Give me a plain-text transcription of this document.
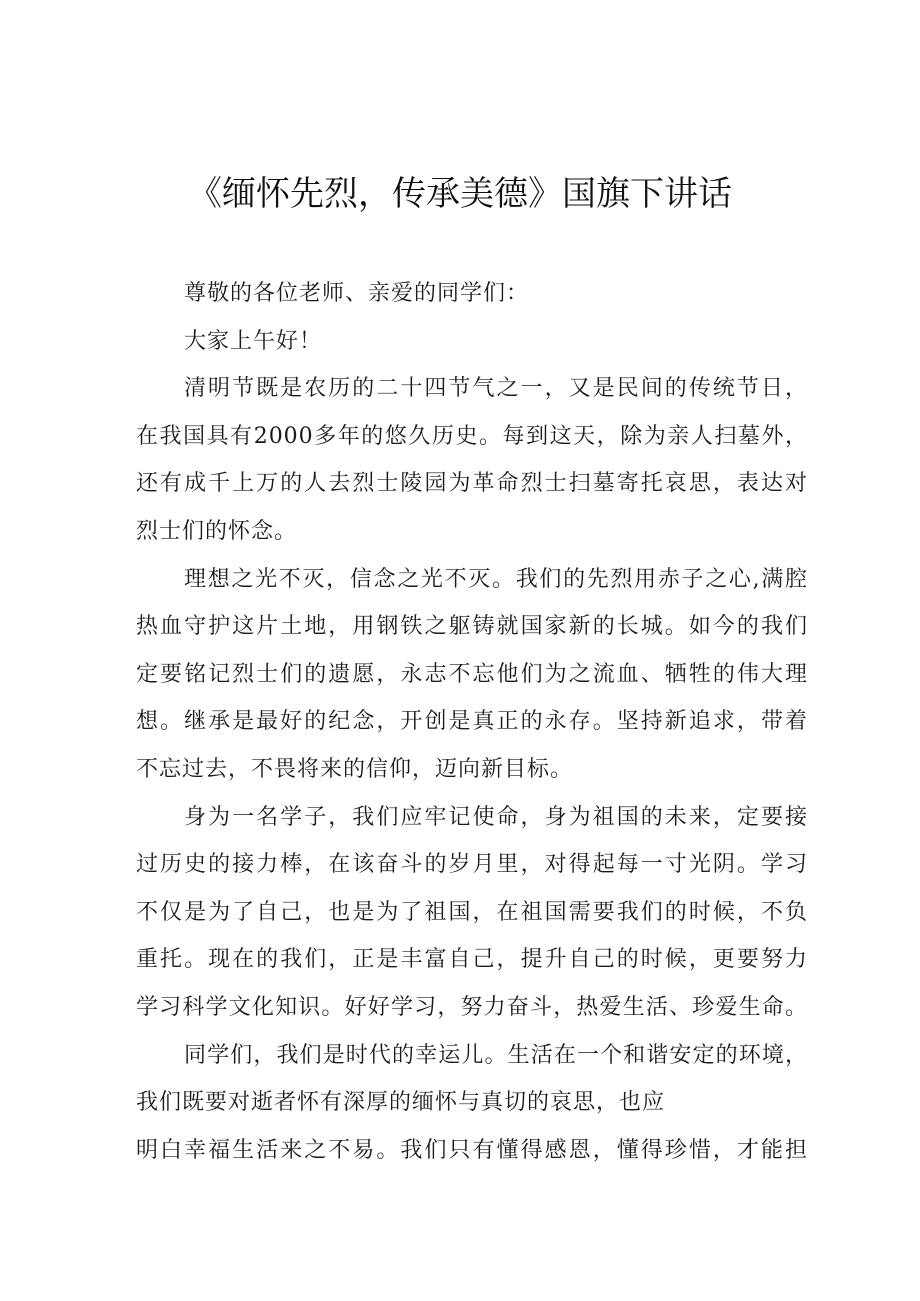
《缅怀先烈，传承美德》国旗下讲话
尊敬的各位老师、亲爱的同学们：
大家上午好！
清明节既是农历的二十四节气之一，又是民间的传统节日，
在我国具有2000多年的悠久历史。每到这天，除为亲人扫墓外，
还有成千上万的人去烈士陵园为革命烈士扫墓寄托哀思，表达对
烈士们的怀念。
理想之光不灭，信念之光不灭。我们的先烈用赤子之心,满腔
热血守护这片土地，用钢铁之躯铸就国家新的长城。如今的我们
定要铭记烈士们的遗愿，永志不忘他们为之流血、牺牲的伟大理
想。继承是最好的纪念，开创是真正的永存。坚持新追求，带着
不忘过去，不畏将来的信仰，迈向新目标。
身为一名学子，我们应牢记使命，身为祖国的未来，定要接
过历史的接力棒，在该奋斗的岁月里，对得起每一寸光阴。学习
不仅是为了自己，也是为了祖国，在祖国需要我们的时候，不负
重托。现在的我们，正是丰富自己，提升自己的时候，更要努力
学习科学文化知识。好好学习，努力奋斗，热爱生活、珍爱生命。
同学们，我们是时代的幸运儿。生活在一个和谐安定的环境，
我们既要对逝者怀有深厚的缅怀与真切的哀思，也应
明白幸福生活来之不易。我们只有懂得感恩，懂得珍惜，才能担
